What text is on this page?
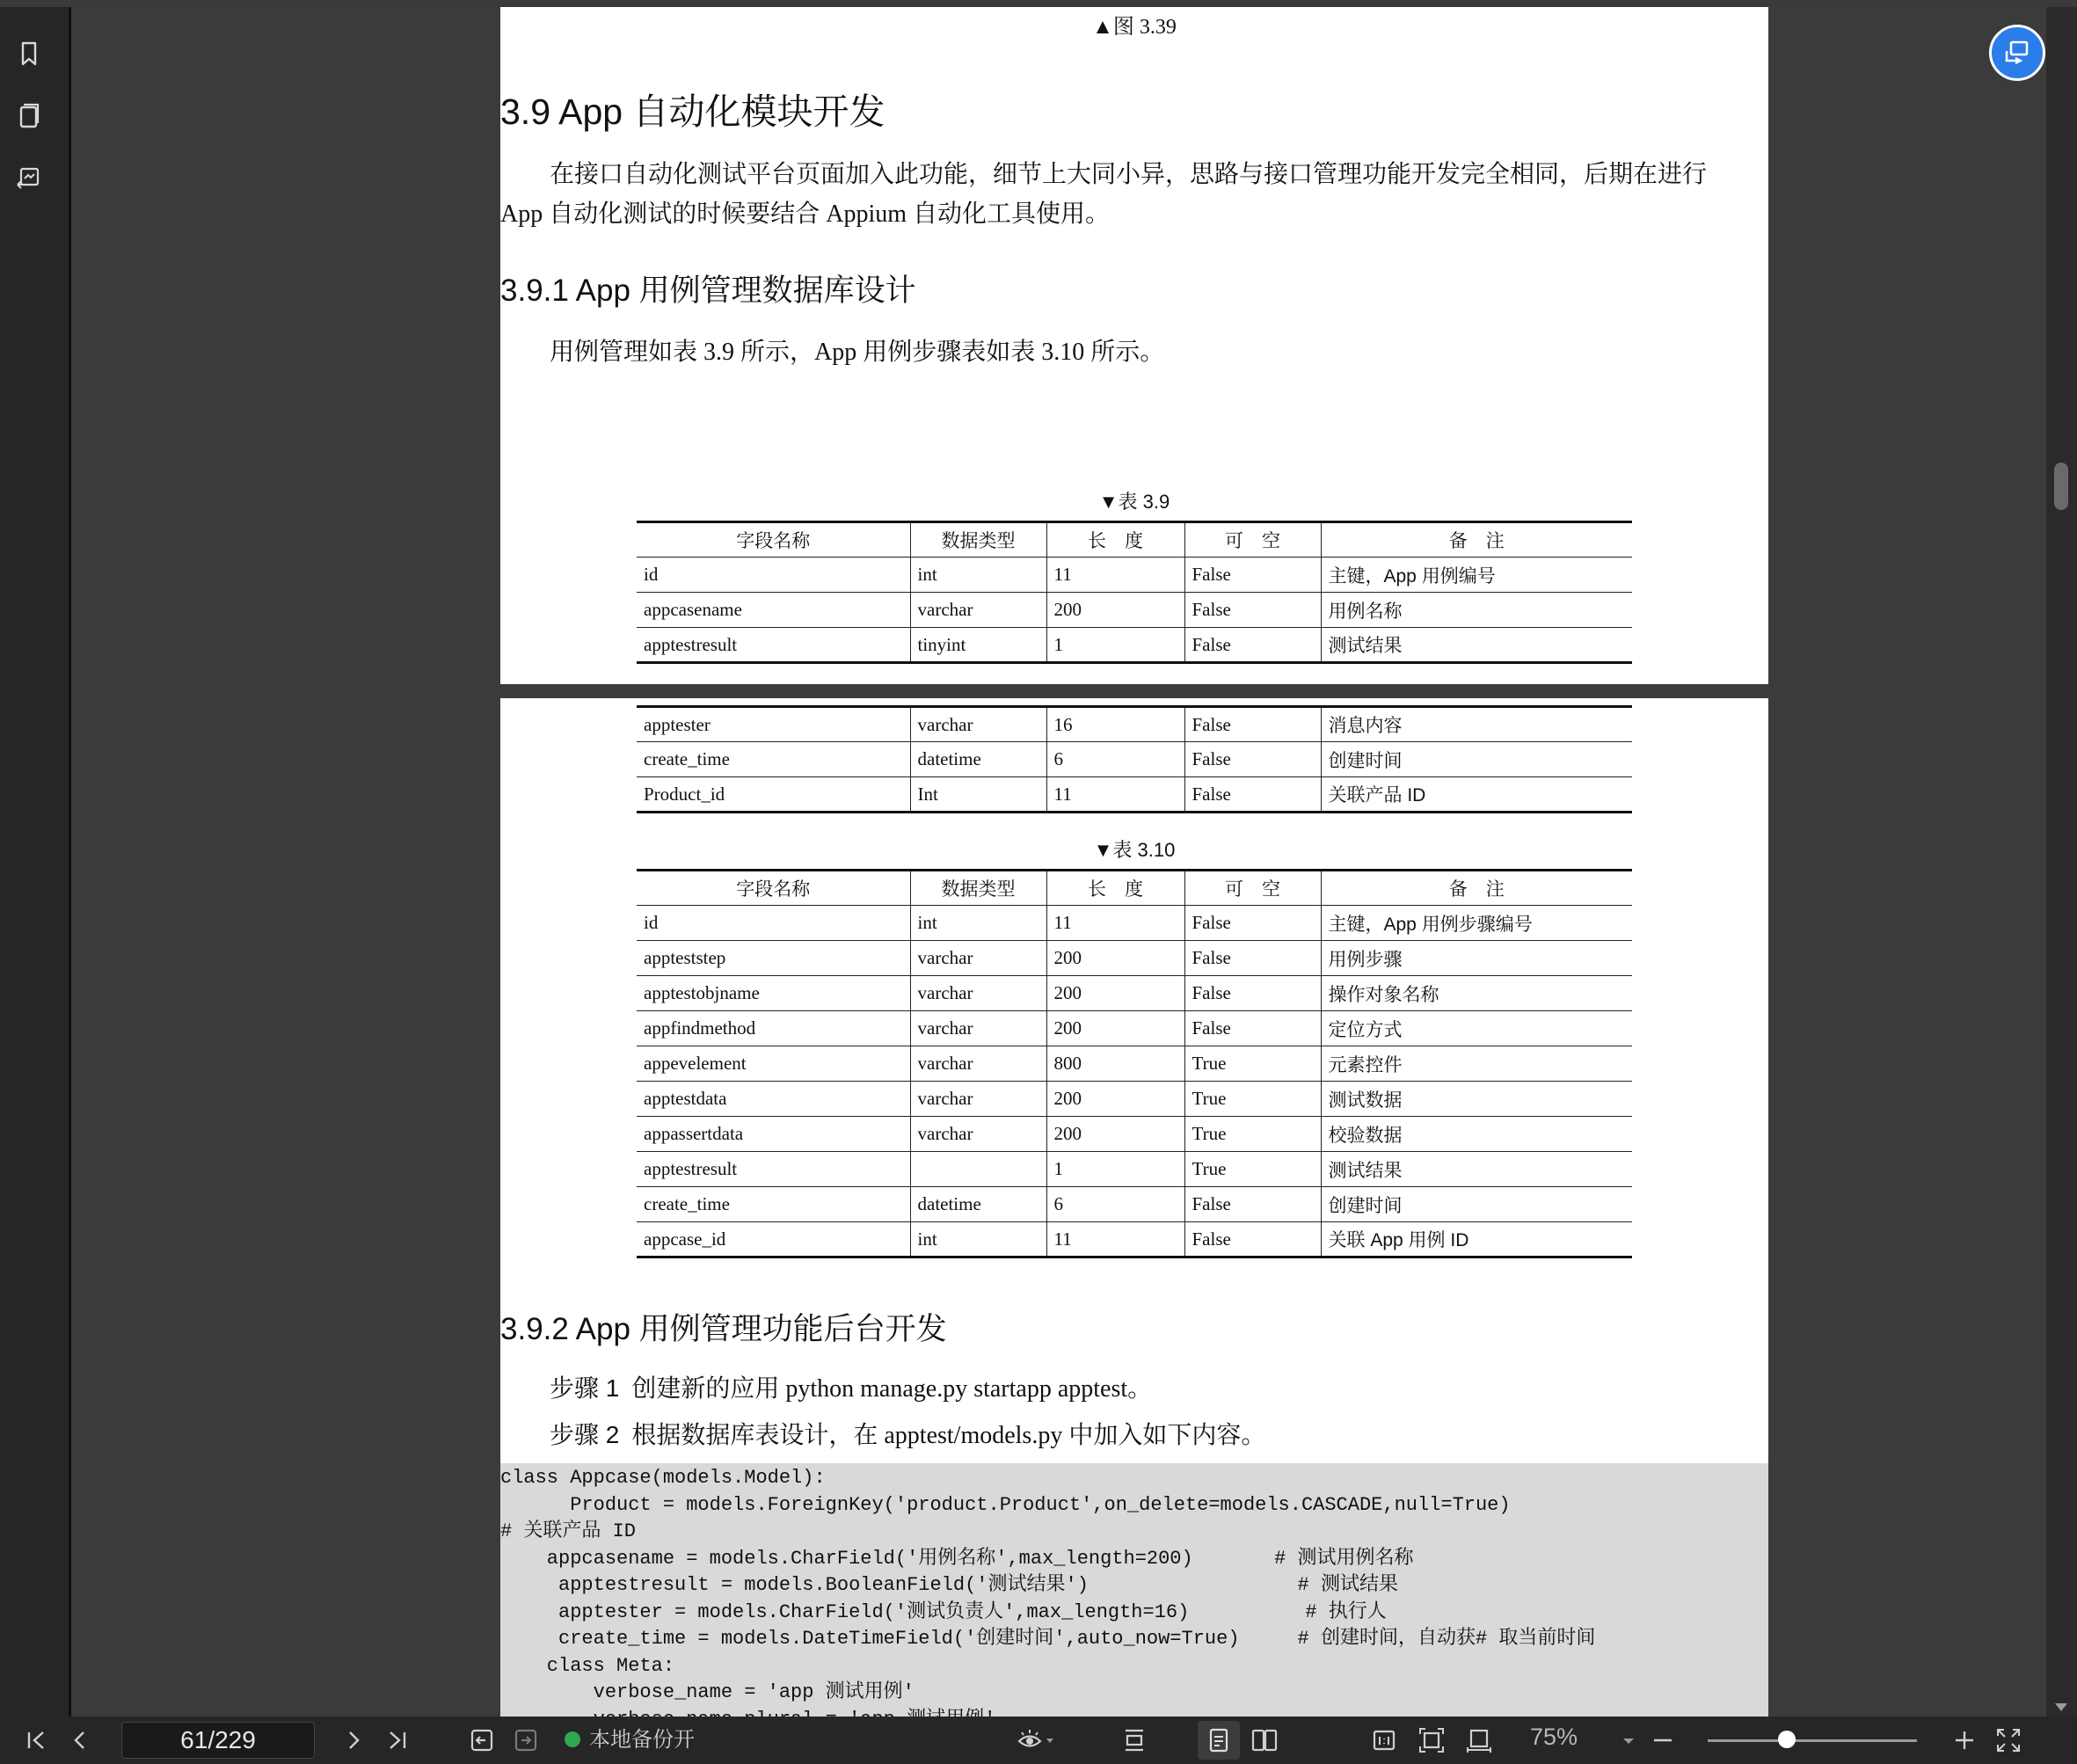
▲图 3.39
3.9 App 自动化模块开发
在接口自动化测试平台页面加入此功能，细节上大同小异，思路与接口管理功能开发完全相同，后期在进行
App 自动化测试的时候要结合 Appium 自动化工具使用。
3.9.1 App 用例管理数据库设计
用例管理如表 3.9 所示，App 用例步骤表如表 3.10 所示。
▼表 3.9
字段名称	数据类型	长　度	可　空	备　注
id	int	11	False	主键，App 用例编号
appcasename	varchar	200	False	用例名称
apptestresult	tinyint	1	False	测试结果
apptester	varchar	16	False	消息内容
create_time	datetime	6	False	创建时间
Product_id	Int	11	False	关联产品 ID
▼表 3.10
字段名称	数据类型	长　度	可　空	备　注
id	int	11	False	主键，App 用例步骤编号
appteststep	varchar	200	False	用例步骤
apptestobjname	varchar	200	False	操作对象名称
appfindmethod	varchar	200	False	定位方式
appevelement	varchar	800	True	元素控件
apptestdata	varchar	200	True	测试数据
appassertdata	varchar	200	True	校验数据
apptestresult		1	True	测试结果
create_time	datetime	6	False	创建时间
appcase_id	int	11	False	关联 App 用例 ID
3.9.2 App 用例管理功能后台开发
步骤 1 创建新的应用 python manage.py startapp apptest。
步骤 2 根据数据库表设计，在 apptest/models.py 中加入如下内容。
class Appcase(models.Model):
Product = models.ForeignKey('product.Product',on_delete=models.CASCADE,null=True)
# 关联产品 ID
appcasename = models.CharField('用例名称',max_length=200)       # 测试用例名称
apptestresult = models.BooleanField('测试结果')                  # 测试结果
apptester = models.CharField('测试负责人',max_length=16)          # 执行人
create_time = models.DateTimeField('创建时间',auto_now=True)     # 创建时间，自动获# 取当前时间
class Meta:
verbose_name = 'app 测试用例'
61/229	本地备份开	75%
